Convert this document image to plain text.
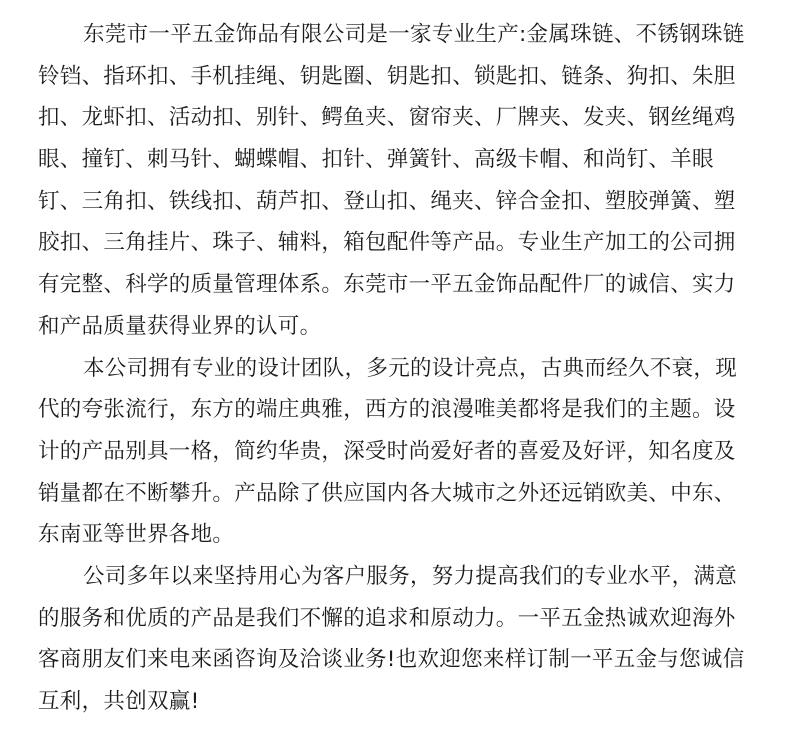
东莞市一平五金饰品有限公司是一家专业生产:金属珠链、不锈钢珠链
铃铛、指环扣、手机挂绳、钥匙圈、钥匙扣、锁匙扣、链条、狗扣、朱胆
扣、龙虾扣、活动扣、别针、鳄鱼夹、窗帘夹、厂牌夹、发夹、钢丝绳鸡
眼、撞钉、刺马针、蝴蝶帽、扣针、弹簧针、高级卡帽、和尚钉、羊眼
钉、三角扣、铁线扣、葫芦扣、登山扣、绳夹、锌合金扣、塑胶弹簧、塑
胶扣、三角挂片、珠子、辅料，箱包配件等产品。专业生产加工的公司拥
有完整、科学的质量管理体系。东莞市一平五金饰品配件厂的诚信、实力
和产品质量获得业界的认可。
本公司拥有专业的设计团队，多元的设计亮点，古典而经久不衰，现
代的夸张流行，东方的端庄典雅，西方的浪漫唯美都将是我们的主题。设
计的产品别具一格，简约华贵，深受时尚爱好者的喜爱及好评，知名度及
销量都在不断攀升。产品除了供应国内各大城市之外还远销欧美、中东、
东南亚等世界各地。
公司多年以来坚持用心为客户服务，努力提高我们的专业水平，满意
的服务和优质的产品是我们不懈的追求和原动力。一平五金热诚欢迎海外
客商朋友们来电来函咨询及洽谈业务!也欢迎您来样订制一平五金与您诚信
互利，共创双赢!
